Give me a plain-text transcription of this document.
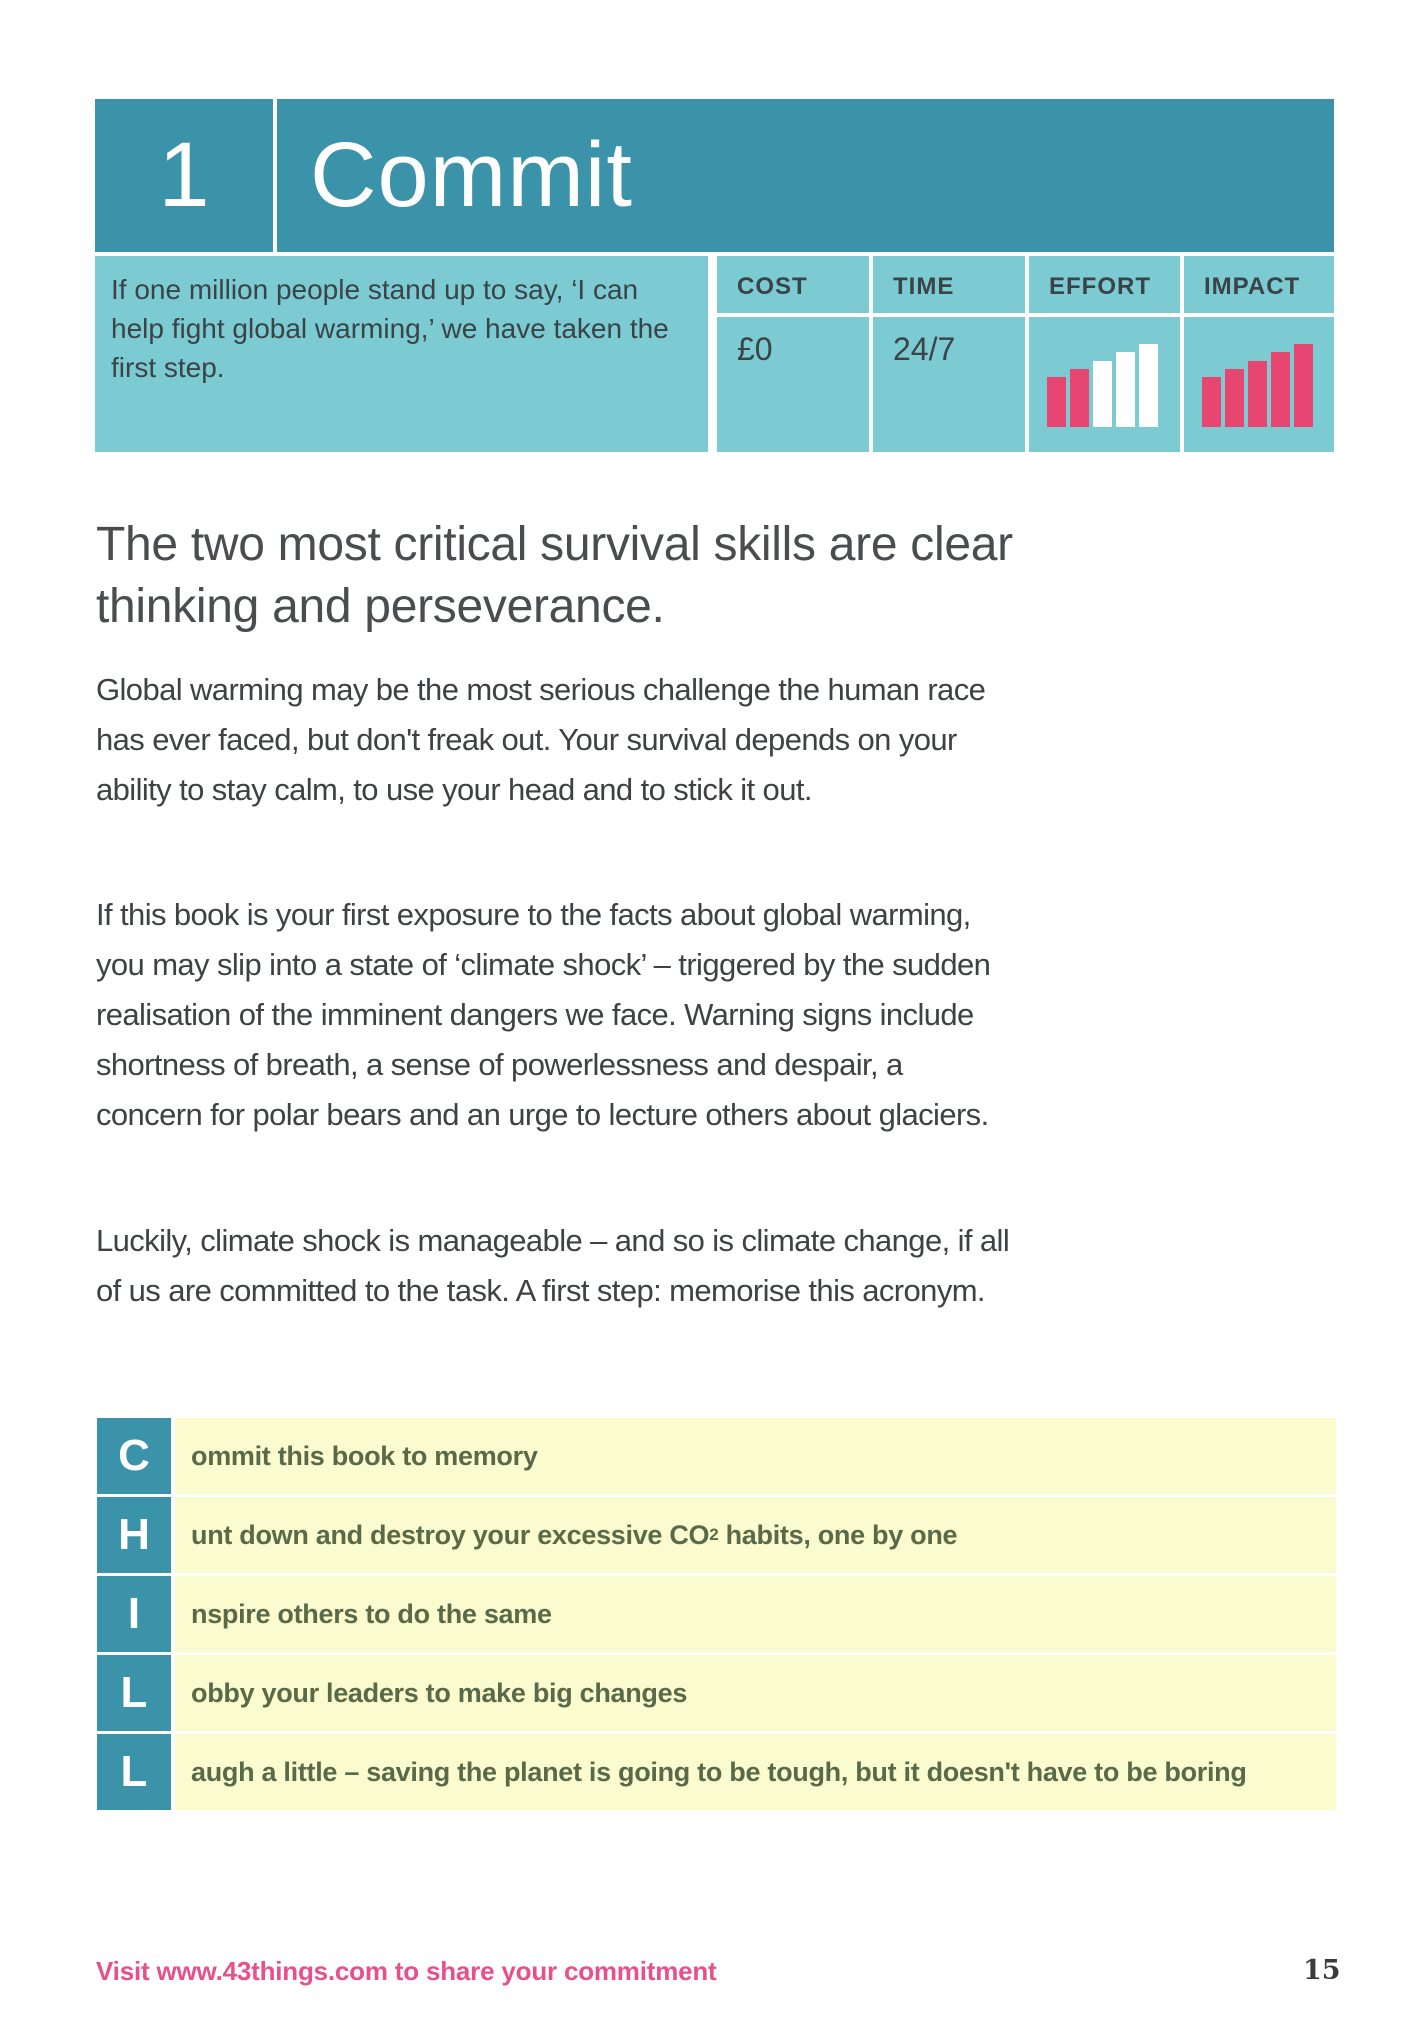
1	Commit
If one million people stand up to say, ‘I can help fight global warming,’ we have taken the first step.
COST	TIME	EFFORT	IMPACT
£0	24/7
The two most critical survival skills are clear thinking and perseverance.

Global warming may be the most serious challenge the human race has ever faced, but don't freak out. Your survival depends on your ability to stay calm, to use your head and to stick it out.

If this book is your first exposure to the facts about global warming, you may slip into a state of ‘climate shock’ – triggered by the sudden realisation of the imminent dangers we face. Warning signs include shortness of breath, a sense of powerlessness and despair, a concern for polar bears and an urge to lecture others about glaciers.

Luckily, climate shock is manageable – and so is climate change, if all of us are committed to the task. A first step: memorise this acronym.

C	ommit this book to memory
H	unt down and destroy your excessive CO 2 habits, one by one
I	nspire others to do the same
L	obby your leaders to make big changes
L	augh a little – saving the planet is going to be tough, but it doesn't have to be boring
Visit www.43things.com to share your commitment	15
